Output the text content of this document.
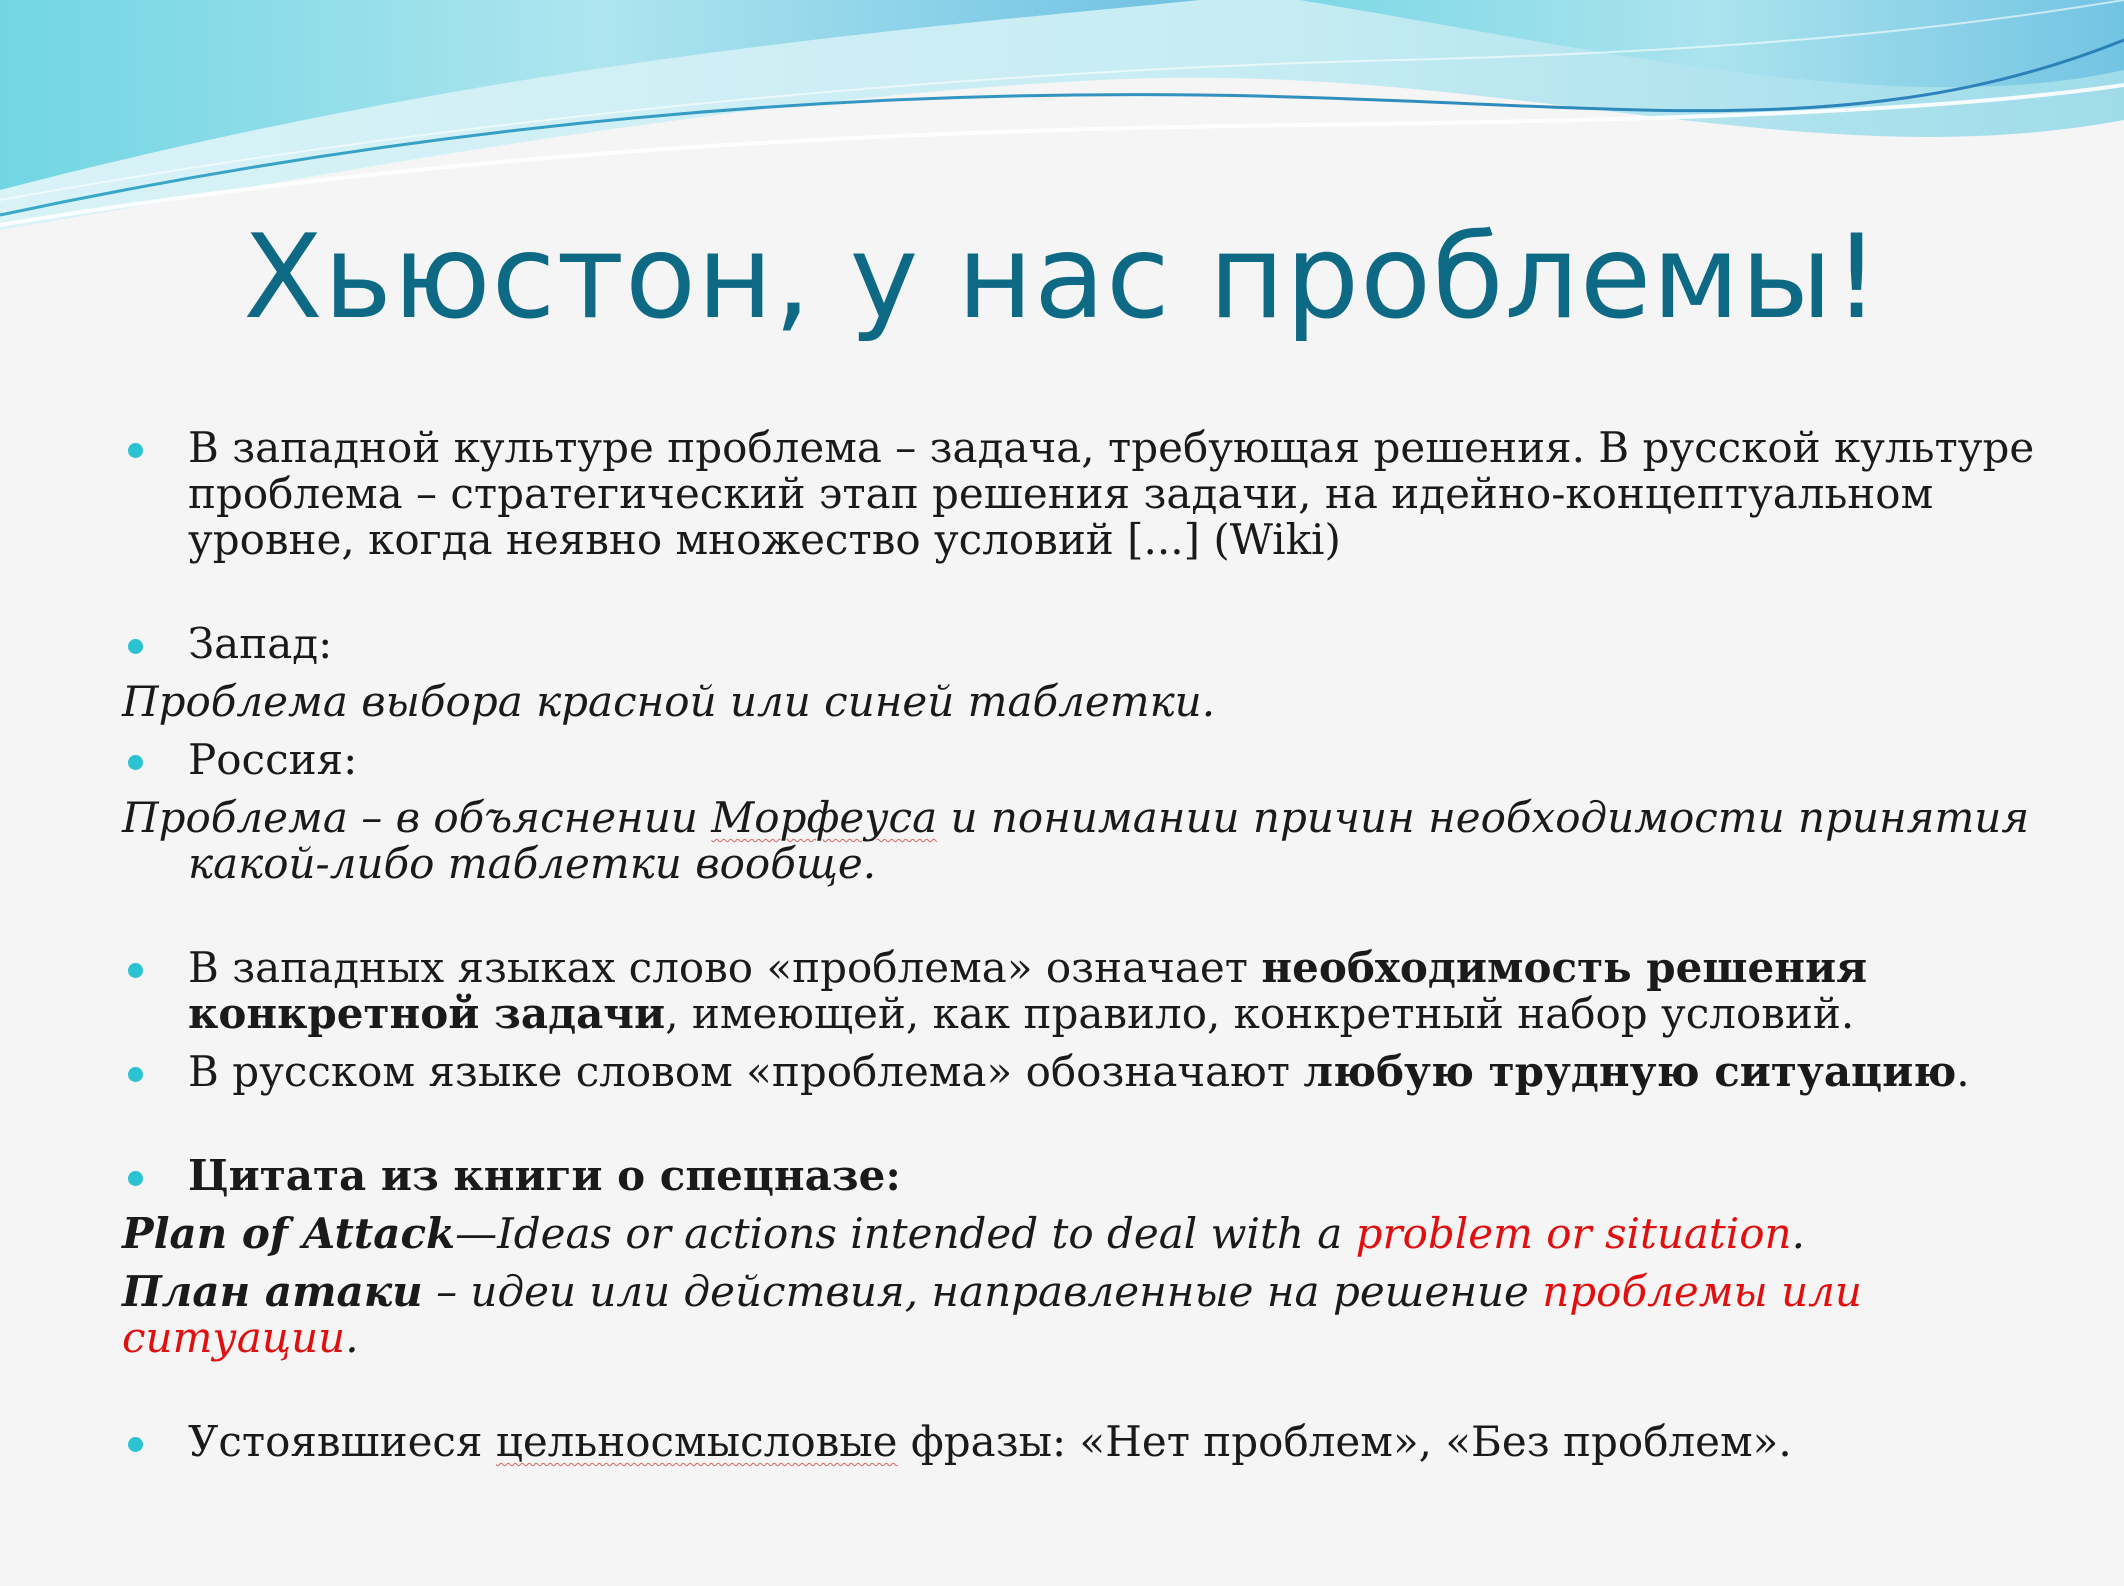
Хьюстон, у нас проблемы!

В западной культуре проблема – задача, требующая решения. В русской культуре проблема – стратегический этап решения задачи, на идейно-концептуальном уровне, когда неявно множество условий [...] (Wiki)

Запад:

Проблема выбора красной или синей таблетки.

Россия:

Проблема – в объяснении Морфеуса и понимании причин необходимости принятия какой-либо таблетки вообще.

В западных языках слово «проблема» означает необходимость решения конкретной задачи, имеющей, как правило, конкретный набор условий.

В русском языке словом «проблема» обозначают любую трудную ситуацию.

Цитата из книги о спецназе:

Plan of Attack—Ideas or actions intended to deal with a problem or situation.

План атаки – идеи или действия, направленные на решение проблемы или ситуации.

Устоявшиеся цельносмысловые фразы: «Нет проблем», «Без проблем».
